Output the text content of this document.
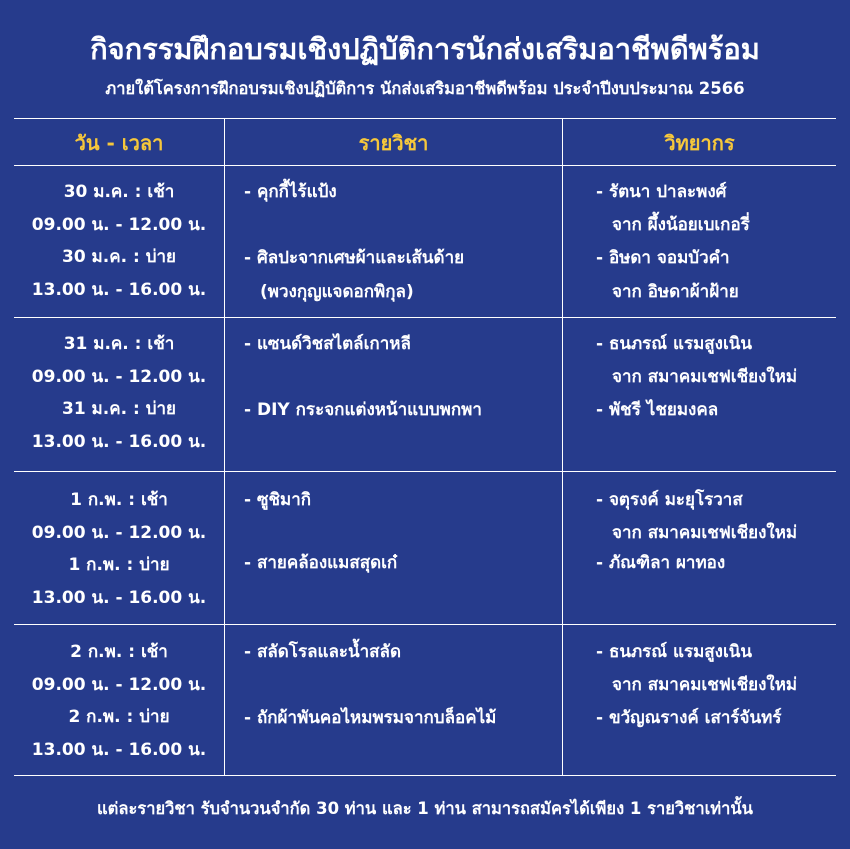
กิจกรรมฝึกอบรมเชิงปฏิบัติการนักส่งเสริมอาชีพดีพร้อม
ภายใต้โครงการฝึกอบรมเชิงปฏิบัติการ นักส่งเสริมอาชีพดีพร้อม ประจำปีงบประมาณ 2566
วัน - เวลา	รายวิชา	วิทยากร
30 ม.ค. : เช้า
09.00 น. - 12.00 น.
30 ม.ค. : บ่าย
13.00 น. - 16.00 น.
- คุกกี้ไร้แป้ง
- ศิลปะจากเศษผ้าและเส้นด้าย
(พวงกุญแจดอกพิกุล)
- รัตนา ปาละพงศ์
จาก ผึ้งน้อยเบเกอรี่
- อิษดา จอมบัวคำ
จาก อิษดาผ้าฝ้าย
31 ม.ค. : เช้า
09.00 น. - 12.00 น.
31 ม.ค. : บ่าย
13.00 น. - 16.00 น.
- แซนด์วิชสไตล์เกาหลี
- DIY กระจกแต่งหน้าแบบพกพา
- ธนภรณ์ แรมสูงเนิน
จาก สมาคมเชฟเชียงใหม่
- พัชรี ไชยมงคล
1 ก.พ. : เช้า
09.00 น. - 12.00 น.
1 ก.พ. : บ่าย
13.00 น. - 16.00 น.
- ซูชิมากิ
- สายคล้องแมสสุดเก๋
- จตุรงค์ มะยุโรวาส
จาก สมาคมเชฟเชียงใหม่
- ภัณฑิลา ผาทอง
2 ก.พ. : เช้า
09.00 น. - 12.00 น.
2 ก.พ. : บ่าย
13.00 น. - 16.00 น.
- สลัดโรลและน้ำสลัด
- ถักผ้าพันคอไหมพรมจากบล็อคไม้
- ธนภรณ์ แรมสูงเนิน
จาก สมาคมเชฟเชียงใหม่
- ขวัญณรางค์ เสาร์จันทร์
แต่ละรายวิชา รับจำนวนจำกัด 30 ท่าน และ 1 ท่าน สามารถสมัครได้เพียง 1 รายวิชาเท่านั้น
